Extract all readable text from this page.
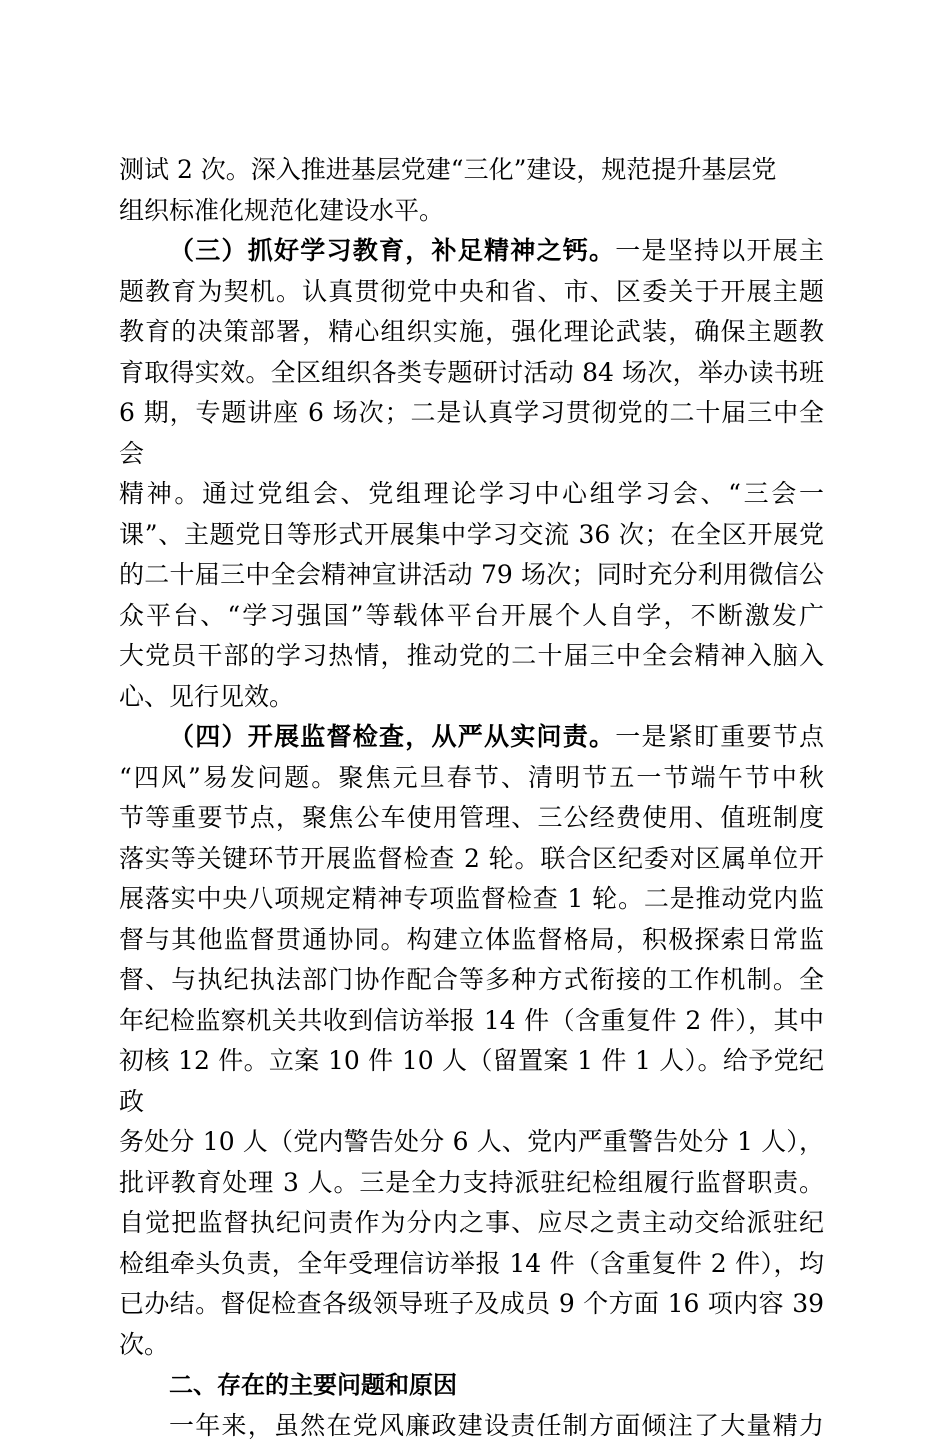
测试 2 次。深入推进基层党建“三化”建设，规范提升基层党
组织标准化规范化建设水平。

（三）抓好学习教育，补足精神之钙。一是坚持以开展主
题教育为契机。认真贯彻党中央和省、市、区委关于开展主题
教育的决策部署，精心组织实施，强化理论武装，确保主题教
育取得实效。全区组织各类专题研讨活动 84 场次，举办读书班
6 期，专题讲座 6 场次；二是认真学习贯彻党的二十届三中全会
精神。通过党组会、党组理论学习中心组学习会、“三会一
课”、主题党日等形式开展集中学习交流 36 次；在全区开展党
的二十届三中全会精神宣讲活动 79 场次；同时充分利用微信公
众平台、“学习强国”等载体平台开展个人自学，不断激发广
大党员干部的学习热情，推动党的二十届三中全会精神入脑入

心、见行见效。

（四）开展监督检查，从严从实问责。一是紧盯重要节点
“四风”易发问题。聚焦元旦春节、清明节五一节端午节中秋
节等重要节点，聚焦公车使用管理、三公经费使用、值班制度
落实等关键环节开展监督检查 2 轮。联合区纪委对区属单位开
展落实中央八项规定精神专项监督检查 1 轮。二是推动党内监
督与其他监督贯通协同。构建立体监督格局，积极探索日常监
督、与执纪执法部门协作配合等多种方式衔接的工作机制。全
年纪检监察机关共收到信访举报 14 件（含重复件 2 件），其中
初核 12 件。立案 10 件 10 人（留置案 1 件 1 人）。给予党纪政
务处分 10 人（党内警告处分 6 人、党内严重警告处分 1 人），
批评教育处理 3 人。三是全力支持派驻纪检组履行监督职责。
自觉把监督执纪问责作为分内之事、应尽之责主动交给派驻纪
检组牵头负责，全年受理信访举报 14 件（含重复件 2 件），均
已办结。督促检查各级领导班子及成员 9 个方面 16 项内容 39

次。

二、存在的主要问题和原因

一年来，虽然在党风廉政建设责任制方面倾注了大量精力
